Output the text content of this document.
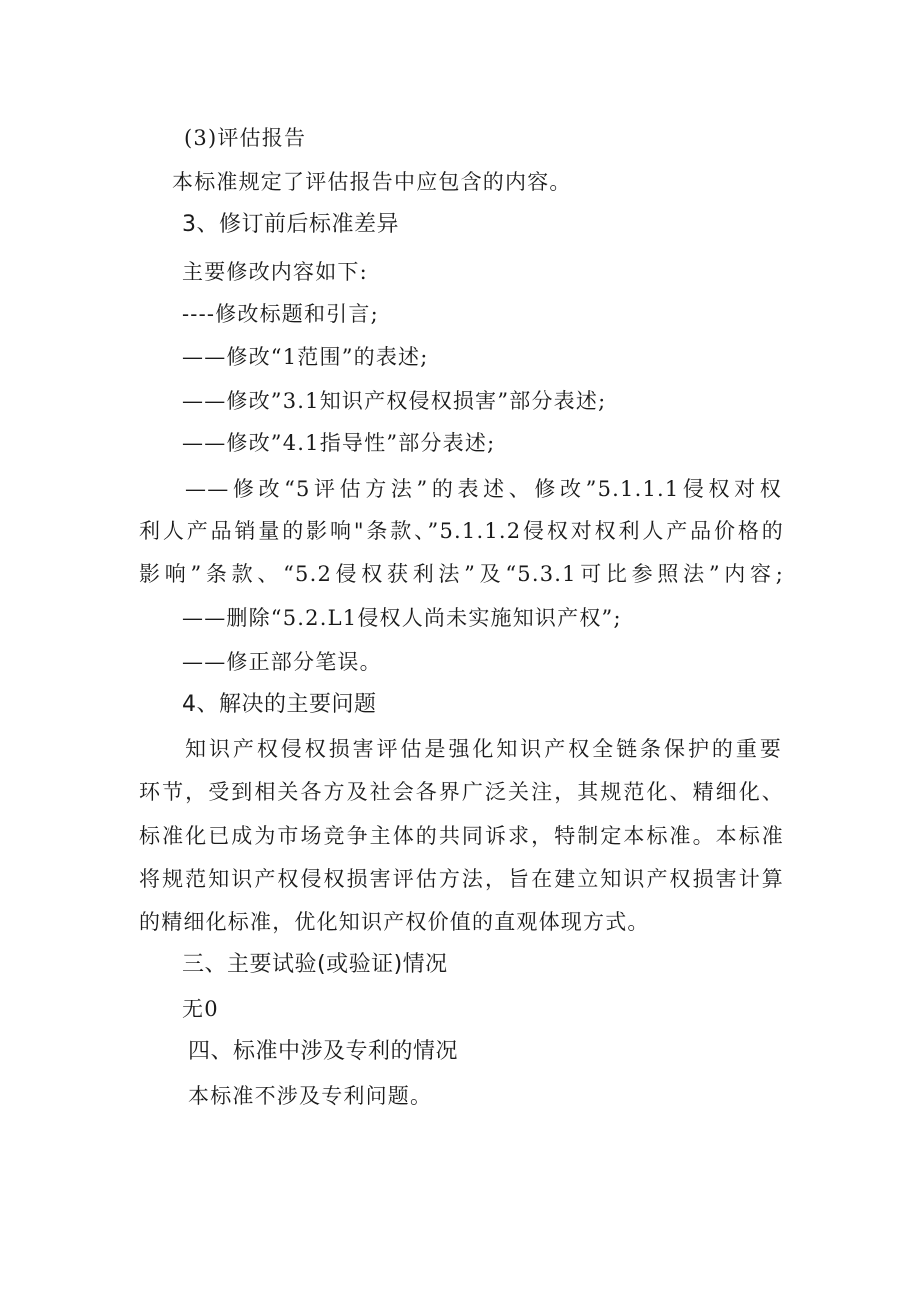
(3)评估报告
本标准规定了评估报告中应包含的内容。
3、修订前后标准差异
主要修改内容如下:
----修改标题和引言;
——修改“1范围”的表述;
——修改”3.1知识产权侵权损害”部分表述;
——修改”4.1指导性”部分表述;
——修改“5评估方法”的表述、修改”5.1.1.1侵权对权
利人产品销量的影响"条款、”5.1.1.2侵权对权利人产品价格的
影响”条款、“5.2侵权获利法”及“5.3.1可比参照法”内容;
——删除“5.2.L1侵权人尚未实施知识产权”;
——修正部分笔误。
4、解决的主要问题
知识产权侵权损害评估是强化知识产权全链条保护的重要
环节，受到相关各方及社会各界广泛关注，其规范化、精细化、
标准化已成为市场竞争主体的共同诉求，特制定本标准。本标准
将规范知识产权侵权损害评估方法，旨在建立知识产权损害计算
的精细化标准，优化知识产权价值的直观体现方式。
三、主要试验(或验证)情况
无0
四、标准中涉及专利的情况
本标准不涉及专利问题。
